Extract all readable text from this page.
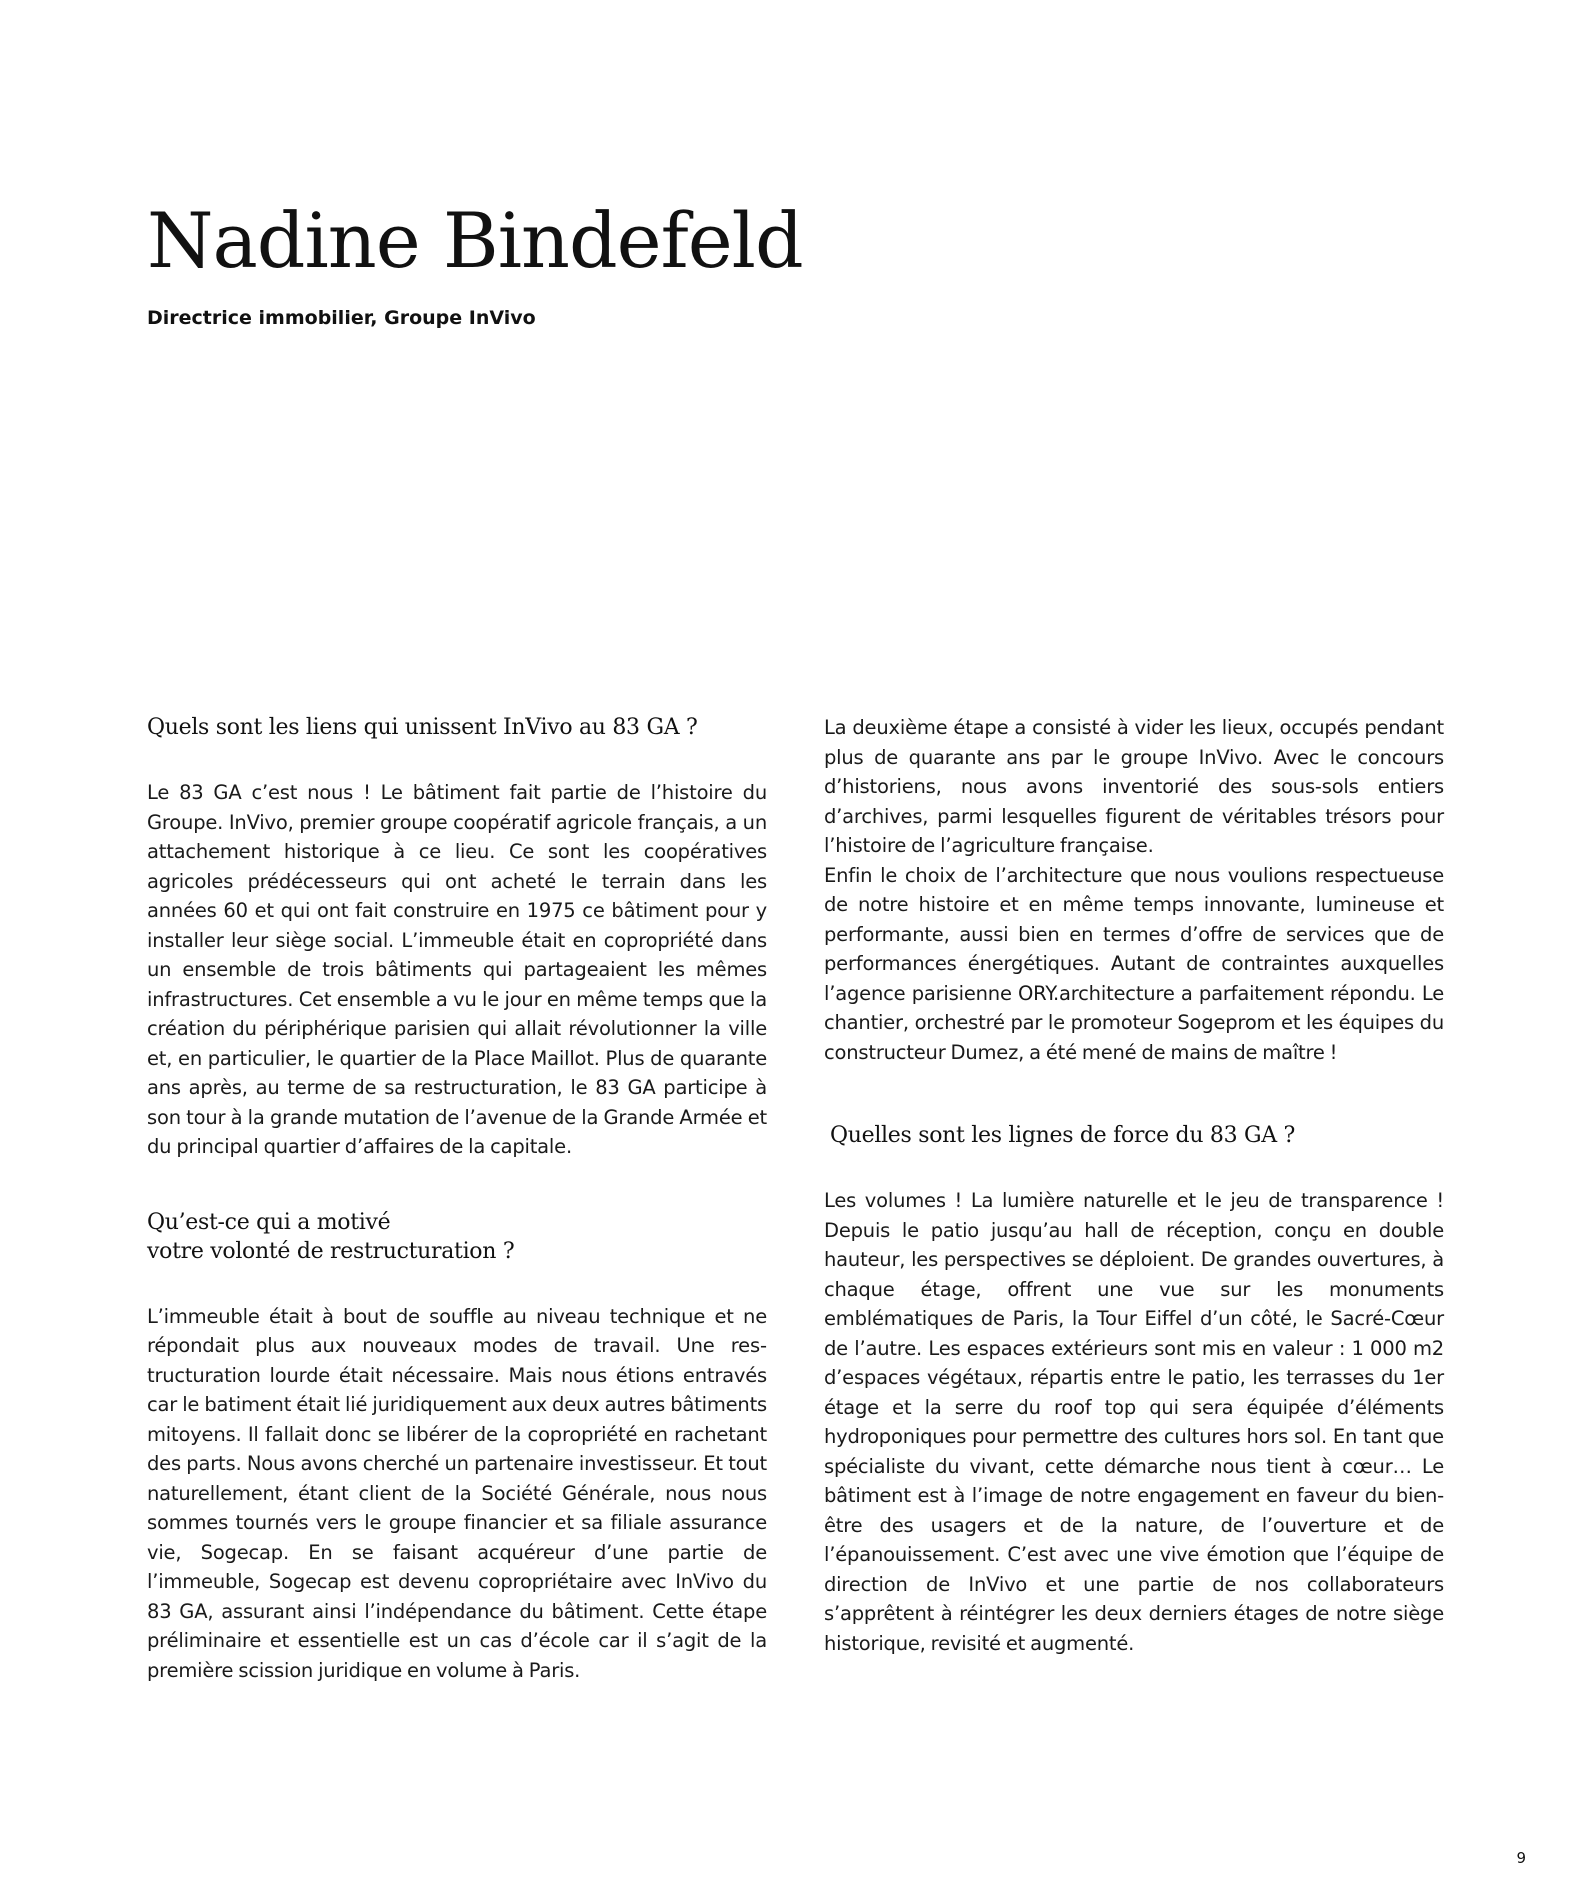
Nadine Bindefeld

Directrice immobilier, Groupe InVivo

Quels sont les liens qui unissent InVivo au 83 GA ?

Le 83 GA c’est nous ! Le bâtiment fait partie de l’histoire du Groupe. InVivo, premier groupe coopératif agricole français, a un attachement historique à ce lieu. Ce sont les coopératives agricoles prédécesseurs qui ont acheté le terrain dans les années 60 et qui ont fait construire en 1975 ce bâtiment pour y installer leur siège social. L’immeuble était en copropriété dans un ensemble de trois bâtiments qui partageaient les mêmes infrastructures. Cet ensemble a vu le jour en même temps que la création du périphérique parisien qui allait révolutionner la ville et, en particulier, le quartier de la Place Maillot. Plus de quarante ans après, au terme de sa restructuration, le 83 GA participe à son tour à la grande mutation de l’avenue de la Grande Armée et du principal quartier d’affaires de la capitale.

Qu’est-ce qui a motivé
votre volonté de restructuration ?

L’immeuble était à bout de souffle au niveau technique et ne répondait plus aux nouveaux modes de travail. Une restructuration lourde était nécessaire. Mais nous étions entravés car le batiment était lié juridiquement aux deux autres bâtiments mitoyens. Il fallait donc se libérer de la copropriété en rachetant des parts. Nous avons cherché un partenaire investisseur. Et tout naturellement, étant client de la Société Générale, nous nous sommes tournés vers le groupe financier et sa filiale assurance vie, Sogecap. En se faisant acquéreur d’une partie de l’immeuble, Sogecap est devenu copropriétaire avec InVivo du 83 GA, assurant ainsi l’indépendance du bâtiment. Cette étape préliminaire et essentielle est un cas d’école car il s’agit de la première scission juridique en volume à Paris.

La deuxième étape a consisté à vider les lieux, occupés pendant plus de quarante ans par le groupe InVivo. Avec le concours d’historiens, nous avons inventorié des sous-sols entiers d’archives, parmi lesquelles figurent de véritables trésors pour l’histoire de l’agriculture française.

Enfin le choix de l’architecture que nous voulions respectueuse de notre histoire et en même temps innovante, lumineuse et performante, aussi bien en termes d’offre de services que de performances énergétiques. Autant de contraintes auxquelles l’agence parisienne ORY.architecture a parfaitement répondu. Le chantier, orchestré par le promoteur Sogeprom et les équipes du constructeur Dumez, a été mené de mains de maître !

Quelles sont les lignes de force du 83 GA ?

Les volumes ! La lumière naturelle et le jeu de transparence ! Depuis le patio jusqu’au hall de réception, conçu en double hauteur, les perspectives se déploient. De grandes ouvertures, à chaque étage, offrent une vue sur les monuments emblématiques de Paris, la Tour Eiffel d’un côté, le Sacré-Cœur de l’autre. Les espaces extérieurs sont mis en valeur : 1 000 m2 d’espaces végétaux, répartis entre le patio, les terrasses du 1er étage et la serre du roof top qui sera équipée d’éléments hydroponiques pour permettre des cultures hors sol. En tant que spécialiste du vivant, cette démarche nous tient à cœur… Le bâtiment est à l’image de notre engagement en faveur du bien-être des usagers et de la nature, de l’ouverture et de l’épanouissement. C’est avec une vive émotion que l’équipe de direction de InVivo et une partie de nos collaborateurs s’apprêtent à réintégrer les deux derniers étages de notre siège historique, revisité et augmenté.

9
